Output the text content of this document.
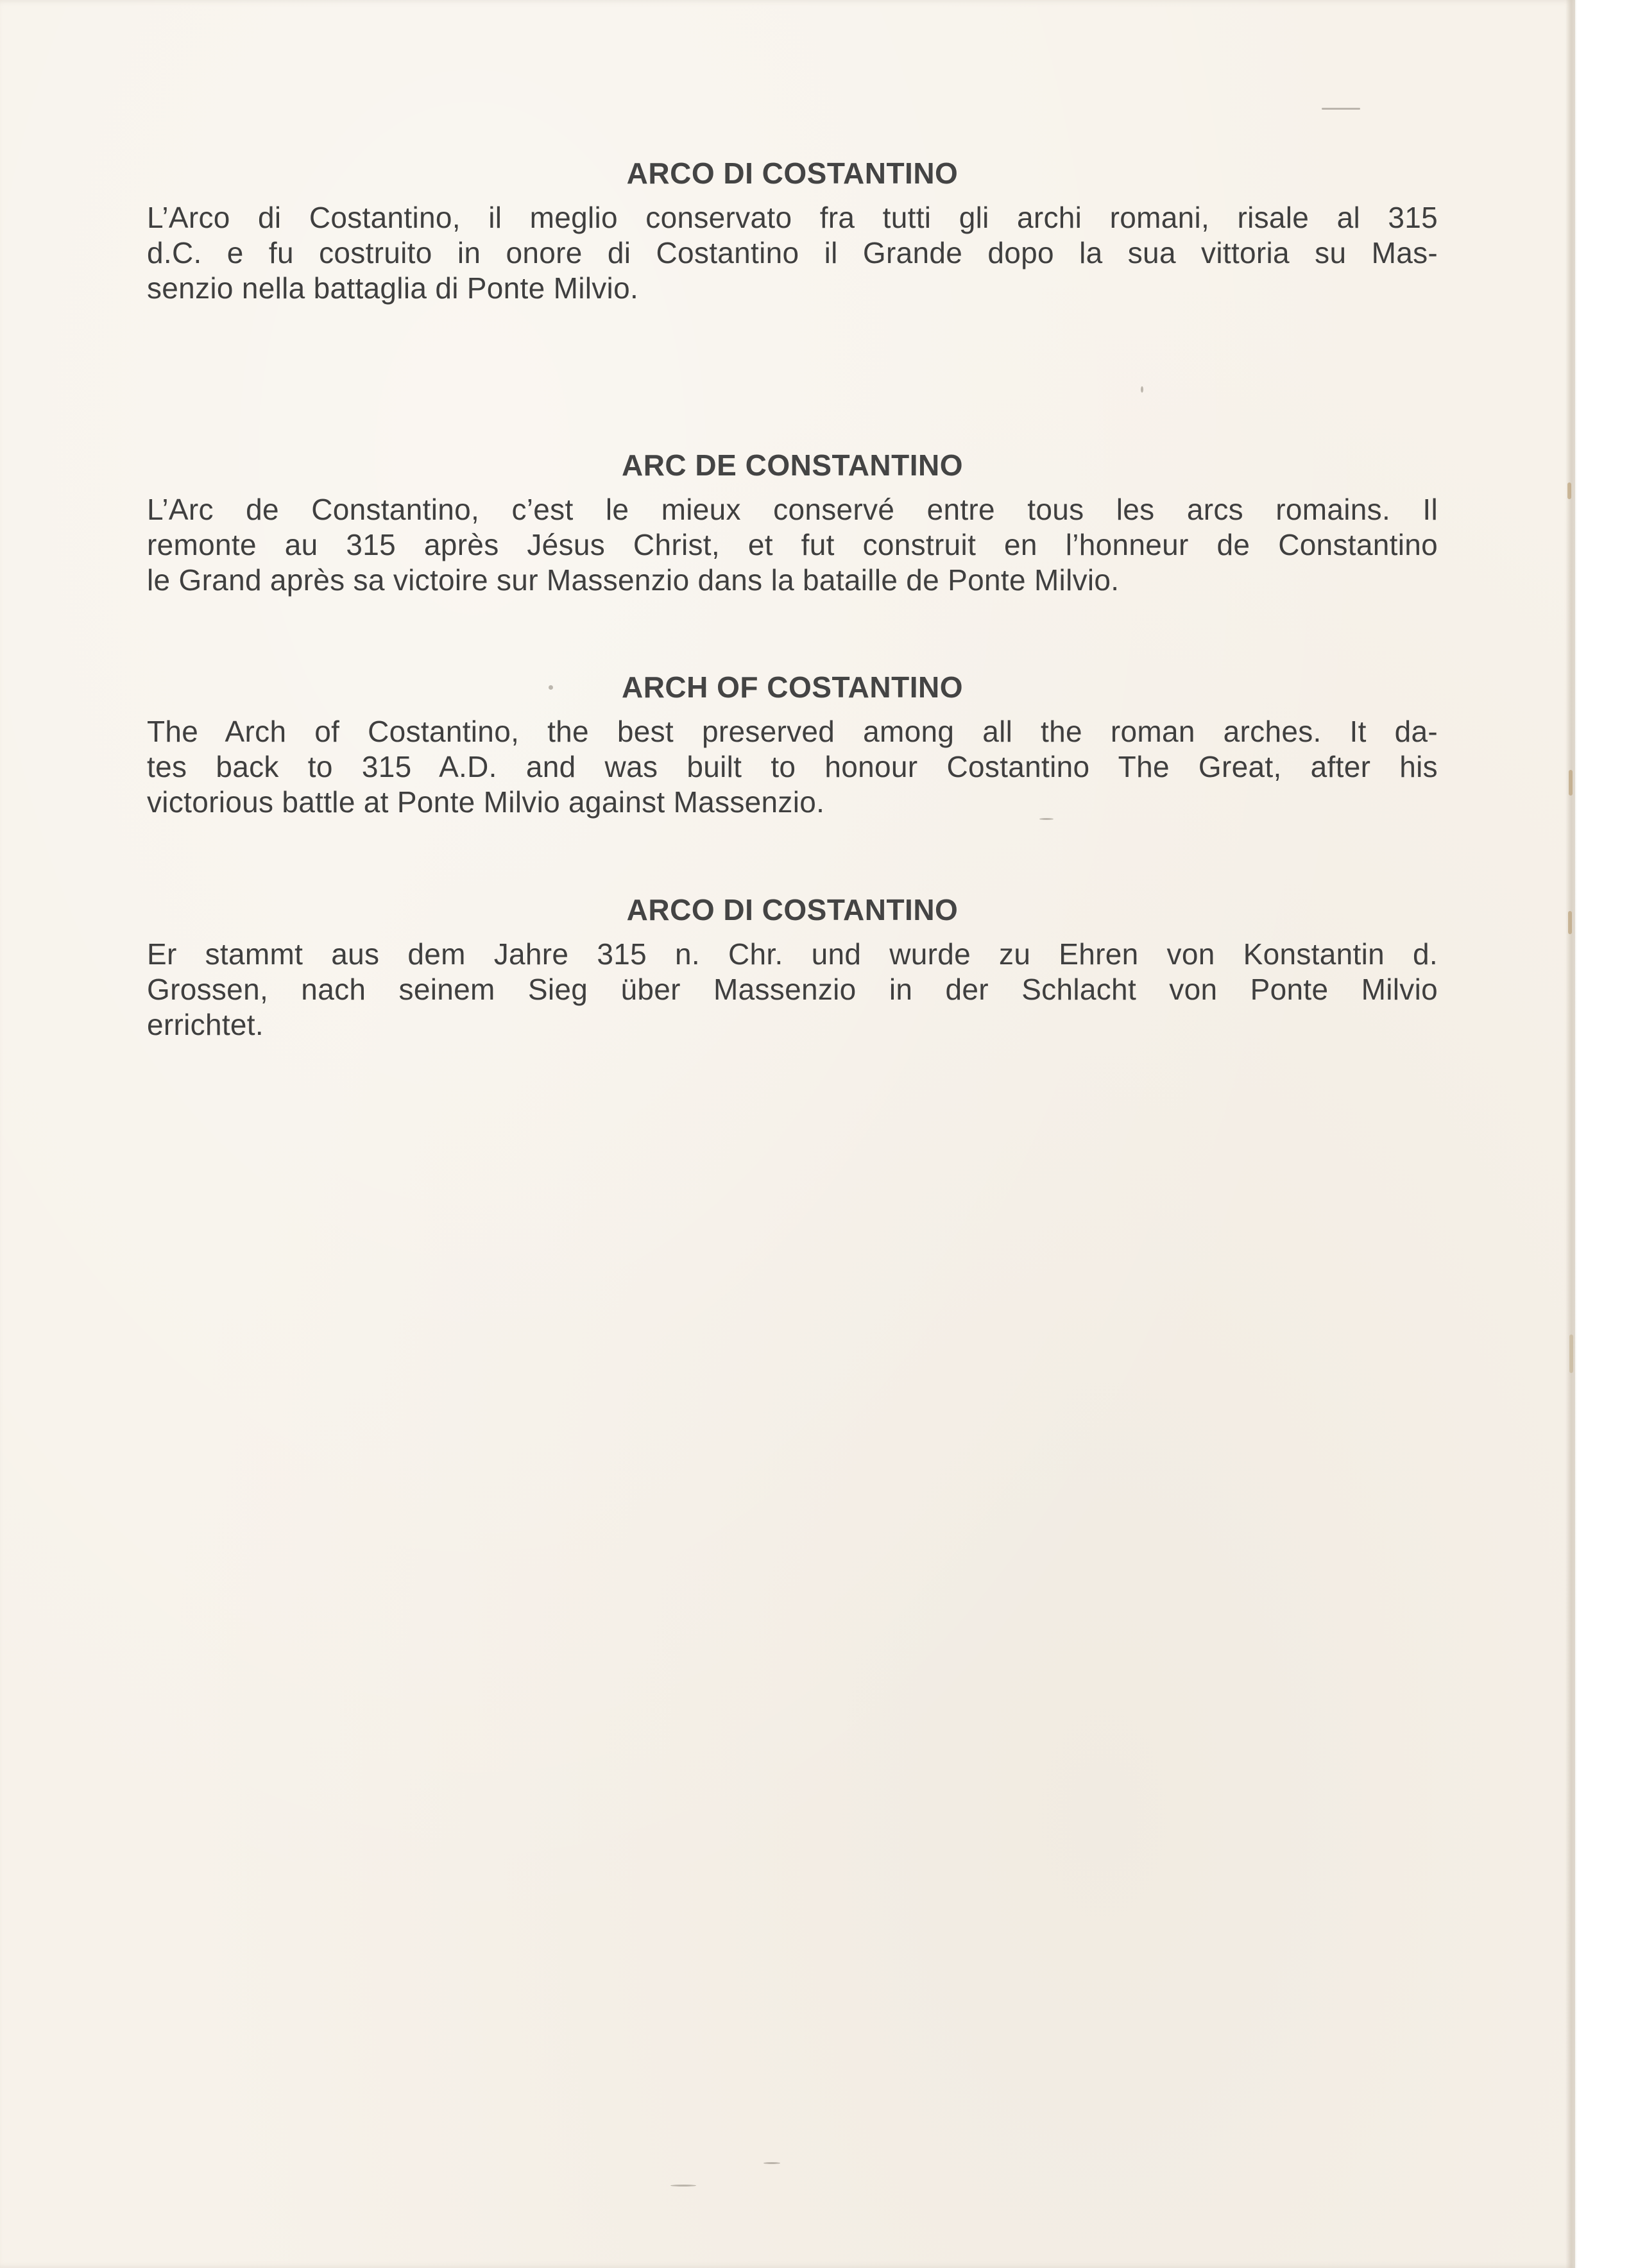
ARCO DI COSTANTINO

L’Arco di Costantino, il meglio conservato fra tutti gli archi romani, risale al 315
d.C. e fu costruito in onore di Costantino il Grande dopo la sua vittoria su Mas-
senzio nella battaglia di Ponte Milvio.

ARC DE CONSTANTINO

L’Arc de Constantino, c’est le mieux conservé entre tous les arcs romains. Il
remonte au 315 après Jésus Christ, et fut construit en l’honneur de Constantino
le Grand après sa victoire sur Massenzio dans la bataille de Ponte Milvio.

ARCH OF COSTANTINO

The Arch of Costantino, the best preserved among all the roman arches. It da-
tes back to 315 A.D. and was built to honour Costantino The Great, after his
victorious battle at Ponte Milvio against Massenzio.

ARCO DI COSTANTINO

Er stammt aus dem Jahre 315 n. Chr. und wurde zu Ehren von Konstantin d.
Grossen, nach seinem Sieg über Massenzio in der Schlacht von Ponte Milvio
errichtet.
